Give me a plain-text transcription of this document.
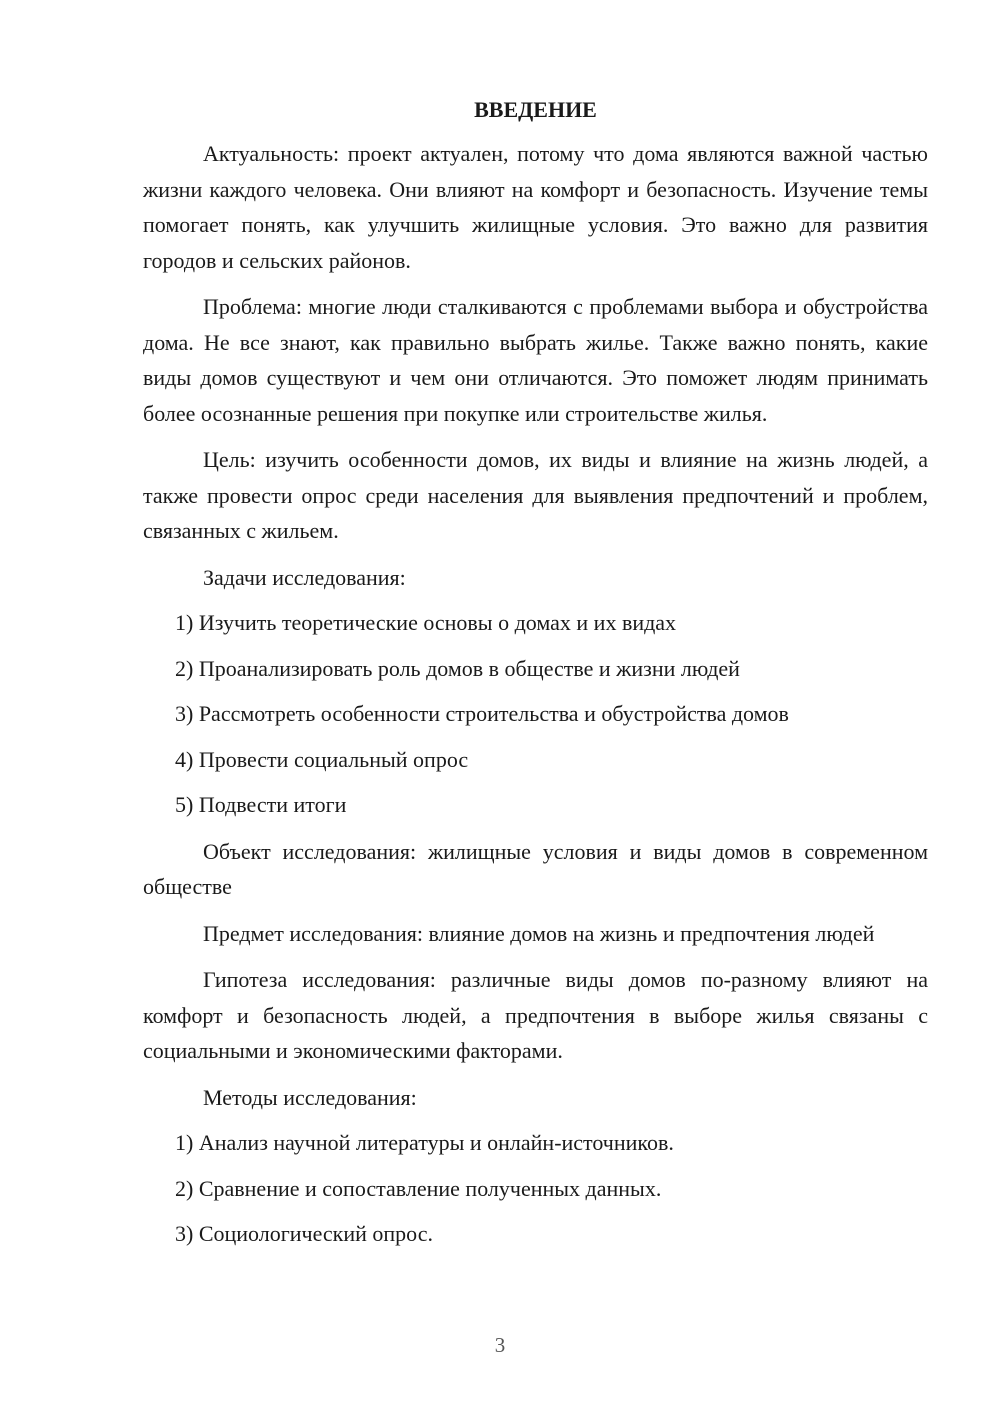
ВВЕДЕНИЕ

Актуальность: проект актуален, потому что дома являются важной частью жизни каждого человека. Они влияют на комфорт и безопасность. Изучение темы помогает понять, как улучшить жилищные условия. Это важно для развития городов и сельских районов.

Проблема: многие люди сталкиваются с проблемами выбора и обустройства дома. Не все знают, как правильно выбрать жилье. Также важно понять, какие виды домов существуют и чем они отличаются. Это поможет людям принимать более осознанные решения при покупке или строительстве жилья.

Цель: изучить особенности домов, их виды и влияние на жизнь людей, а также провести опрос среди населения для выявления предпочтений и проблем, связанных с жильем.

Задачи исследования:
1) Изучить теоретические основы о домах и их видах
2) Проанализировать роль домов в обществе и жизни людей
3) Рассмотреть особенности строительства и обустройства домов
4) Провести социальный опрос
5) Подвести итоги

Объект исследования: жилищные условия и виды домов в современном обществе

Предмет исследования: влияние домов на жизнь и предпочтения людей

Гипотеза исследования: различные виды домов по-разному влияют на комфорт и безопасность людей, а предпочтения в выборе жилья связаны с социальными и экономическими факторами.

Методы исследования:
1) Анализ научной литературы и онлайн-источников.
2) Сравнение и сопоставление полученных данных.
3) Социологический опрос.
3
